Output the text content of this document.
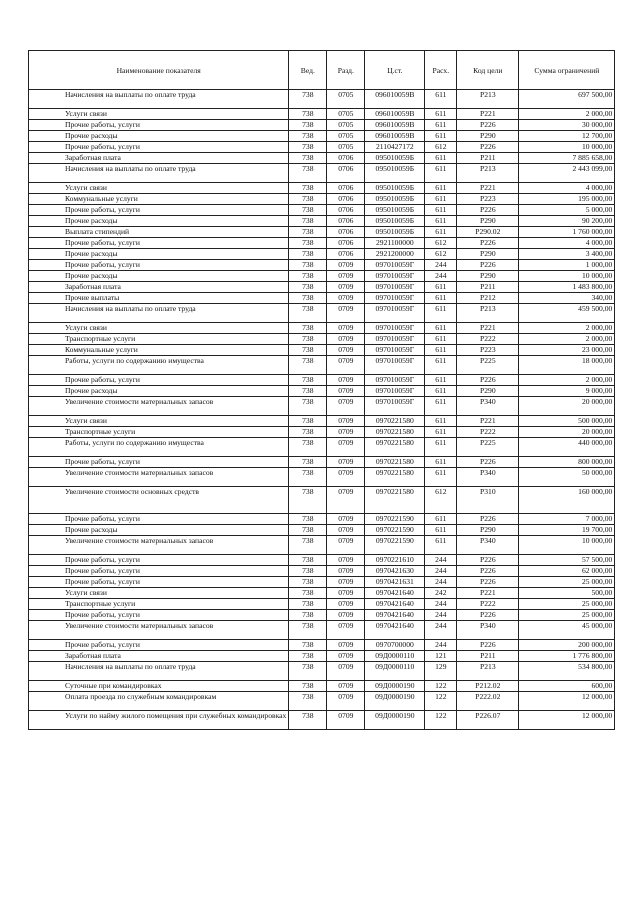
Наименование показателя	Вед.	Разд.	Ц.ст.	Расх.	Код цели	Сумма ограничений
Начисления на выплаты по оплате труда	738	0705	096010059В	611	Р213	697 500,00
Услуги связи	738	0705	096010059В	611	Р221	2 000,00
Прочие работы, услуги	738	0705	096010059В	611	Р226	30 000,00
Прочие расходы	738	0705	096010059В	611	Р290	12 700,00
Прочие работы, услуги	738	0705	2110427172	612	Р226	10 000,00
Заработная плата	738	0706	095010059Б	611	Р211	7 885 658,00
Начисления на выплаты по оплате труда	738	0706	095010059Б	611	Р213	2 443 099,00
Услуги связи	738	0706	095010059Б	611	Р221	4 000,00
Коммунальные услуги	738	0706	095010059Б	611	Р223	195 000,00
Прочие работы, услуги	738	0706	095010059Б	611	Р226	5 000,00
Прочие расходы	738	0706	095010059Б	611	Р290	90 200,00
Выплата стипендий	738	0706	095010059Б	611	Р290.02	1 760 000,00
Прочие работы, услуги	738	0706	2921100000	612	Р226	4 000,00
Прочие расходы	738	0706	2921200000	612	Р290	3 400,00
Прочие работы, услуги	738	0709	097010059Г	244	Р226	1 000,00
Прочие расходы	738	0709	097010059Г	244	Р290	10 000,00
Заработная плата	738	0709	097010059Г	611	Р211	1 483 800,00
Прочие выплаты	738	0709	097010059Г	611	Р212	340,00
Начисления на выплаты по оплате труда	738	0709	097010059Г	611	Р213	459 500,00
Услуги связи	738	0709	097010059Г	611	Р221	2 000,00
Транспортные услуги	738	0709	097010059Г	611	Р222	2 000,00
Коммунальные услуги	738	0709	097010059Г	611	Р223	23 000,00
Работы, услуги по содержанию имущества	738	0709	097010059Г	611	Р225	18 000,00
Прочие работы, услуги	738	0709	097010059Г	611	Р226	2 000,00
Прочие расходы	738	0709	097010059Г	611	Р290	9 000,00
Увеличение стоимости материальных запасов	738	0709	097010059Г	611	Р340	20 000,00
Услуги связи	738	0709	0970221580	611	Р221	500 000,00
Транспортные услуги	738	0709	0970221580	611	Р222	20 000,00
Работы, услуги по содержанию имущества	738	0709	0970221580	611	Р225	440 000,00
Прочие работы, услуги	738	0709	0970221580	611	Р226	800 000,00
Увеличение стоимости материальных запасов	738	0709	0970221580	611	Р340	50 000,00
Увеличение стоимости основных средств	738	0709	0970221580	612	Р310	160 000,00
Прочие работы, услуги	738	0709	0970221590	611	Р226	7 000,00
Прочие расходы	738	0709	0970221590	611	Р290	19 700,00
Увеличение стоимости материальных запасов	738	0709	0970221590	611	Р340	10 000,00
Прочие работы, услуги	738	0709	0970221610	244	Р226	57 500,00
Прочие работы, услуги	738	0709	0970421630	244	Р226	62 000,00
Прочие работы, услуги	738	0709	0970421631	244	Р226	25 000,00
Услуги связи	738	0709	0970421640	242	Р221	500,00
Транспортные услуги	738	0709	0970421640	244	Р222	25 000,00
Прочие работы, услуги	738	0709	0970421640	244	Р226	25 000,00
Увеличение стоимости материальных запасов	738	0709	0970421640	244	Р340	45 000,00
Прочие работы, услуги	738	0709	0970700000	244	Р226	200 000,00
Заработная плата	738	0709	09Д0000110	121	Р211	1 776 800,00
Начисления на выплаты по оплате труда	738	0709	09Д0000110	129	Р213	534 800,00
Суточные при командировках	738	0709	09Д0000190	122	Р212.02	600,00
Оплата проезда по служебным командировкам	738	0709	09Д0000190	122	Р222.02	12 000,00
Услуги по найму жилого помещения при служебных командировках	738	0709	09Д0000190	122	Р226.07	12 000,00
